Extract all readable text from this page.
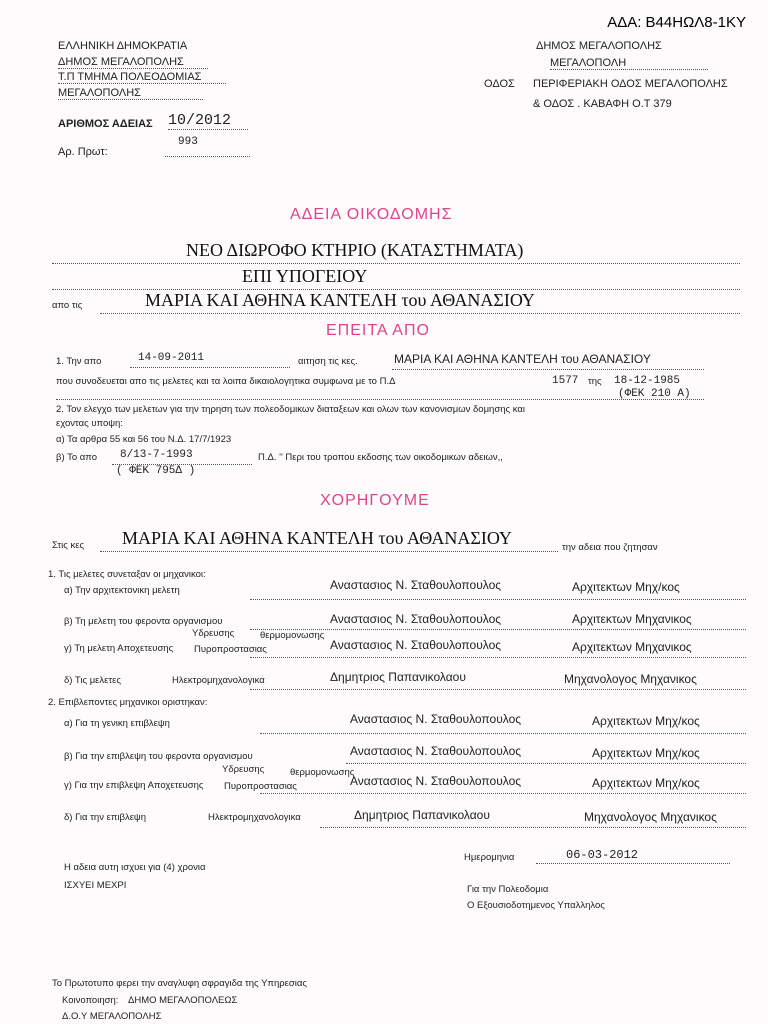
ΑΔΑ: Β44ΗΩΛ8-1ΚΥ
ΕΛΛΗΝΙΚΗ ΔΗΜΟΚΡΑΤΙΑ
ΔΗΜΟΣ ΜΕΓΑΛΟΠΟΛΗΣ
Τ.Π ΤΜΗΜΑ ΠΟΛΕΟΔΟΜΙΑΣ
ΜΕΓΑΛΟΠΟΛΗΣ
ΑΡΙΘΜΟΣ ΑΔΕΙΑΣ 10/2012
Αρ. Πρωτ:
993
ΔΗΜΟΣ ΜΕΓΑΛΟΠΟΛΗΣ
ΜΕΓΑΛΟΠΟΛΗ
ΟΔΟΣ ΠΕΡΙΦΕΡΙΑΚΗ ΟΔΟΣ ΜΕΓΑΛΟΠΟΛΗΣ
& ΟΔΟΣ . ΚΑΒΑΦΗ Ο.Τ 379
ΑΔΕΙΑ ΟΙΚΟΔΟΜΗΣ
ΝΕΟ ΔΙΩΡΟΦΟ ΚΤΗΡΙΟ (ΚΑΤΑΣΤΗΜΑΤΑ)
ΕΠΙ ΥΠΟΓΕΙΟΥ
απο τις	ΜΑΡΙΑ ΚΑΙ ΑΘΗΝΑ ΚΑΝΤΕΛΗ του ΑΘΑΝΑΣΙΟΥ
ΕΠΕΙΤΑ ΑΠΟ
1. Την απο	14-09-2011	αιτηση τις κες.	ΜΑΡΙΑ ΚΑΙ ΑΘΗΝΑ ΚΑΝΤΕΛΗ του ΑΘΑΝΑΣΙΟΥ
που συνοδευεται απο τις μελετες και τα λοιπα δικαιολογητικα συμφωνα με το Π.Δ	1577 της 18-12-1985
(ΦΕΚ 210 Α)
2. Τον ελεγχο των μελετων για την τηρηση των πολεοδομικων διαταξεων και ολων των κανονισμων δομησης και
εχοντας υποψη:
α) Τα αρθρα 55 και 56 του Ν.Δ. 17/7/1923
β) Το απο 8/13-7-1993	Π.Δ. '' Περι του τροπου εκδοσης των οικοδομικων αδειων,,
( ΦΕΚ 795Δ )
ΧΟΡΗΓΟΥΜΕ
Στις κες ΜΑΡΙΑ ΚΑΙ ΑΘΗΝΑ ΚΑΝΤΕΛΗ του ΑΘΑΝΑΣΙΟΥ	την αδεια που ζητησαν
1. Τις μελετες συνεταξαν οι μηχανικοι:
α) Την αρχιτεκτονικη μελετη	Αναστασιος Ν. Σταθουλοπουλος	Αρχιτεκτων Μηχ/κος
β) Τη μελετη του φεροντα οργανισμου	Αναστασιος Ν. Σταθουλοπουλος	Αρχιτεκτων Μηχανικος
Υδρευσης	θερμομονωσης
γ) Τη μελετη Αποχετευσης Πυροπροστασιας	Αναστασιος Ν. Σταθουλοπουλος	Αρχιτεκτων Μηχανικος
δ) Τις μελετες	Ηλεκτρομηχανολογικα	Δημητριος Παπανικολαου	Μηχανολογος Μηχανικος
2. Επιβλεποντες μηχανικοι οριστηκαν:
α) Για τη γενικη επιβλεψη	Αναστασιος Ν. Σταθουλοπουλος	Αρχιτεκτων Μηχ/κος
β) Για την επιβλεψη του φεροντα οργανισμου	Αναστασιος Ν. Σταθουλοπουλος	Αρχιτεκτων Μηχ/κος
Υδρευσης	θερμομονωσης
γ) Για την επιβλεψη Αποχετευσης Πυροπροστασιας	Αναστασιος Ν. Σταθουλοπουλος	Αρχιτεκτων Μηχ/κος
δ) Για την επιβλεψη	Ηλεκτρομηχανολογικα	Δημητριος Παπανικολαου	Μηχανολογος Μηχανικος
Η αδεια αυτη ισχυει για (4) χρονια
ΙΣΧΥΕΙ ΜΕΧΡΙ
Ημερομηνια	06-03-2012
Για την Πολεοδομια
Ο Εξουσιοδοτημενος Υπαλληλος
Το Πρωτοτυπο φερει την αναγλυφη σφραγιδα της Υπηρεσιας
Κοινοποιηση: ΔΗΜΟ ΜΕΓΑΛΟΠΟΛΕΩΣ
Δ.Ο.Υ ΜΕΓΑΛΟΠΟΛΗΣ
